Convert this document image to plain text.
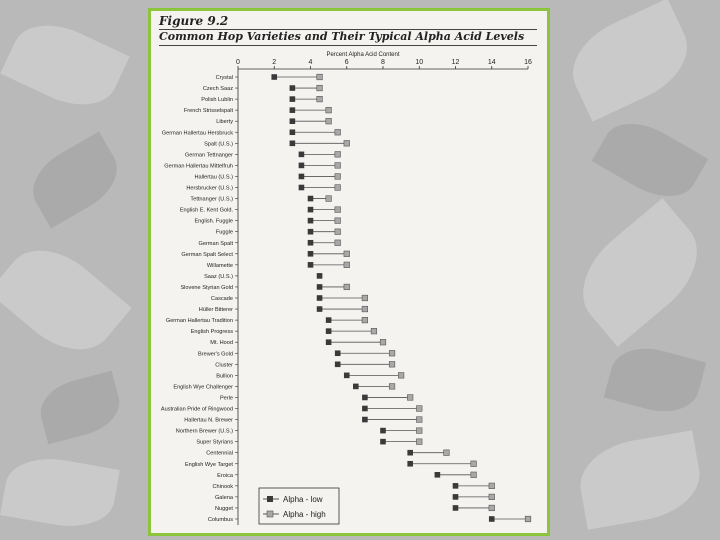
Figure 9.2
Common Hop Varieties and Their Typical Alpha Acid Levels
Percent Alpha Acid Content
0	2	4	6	8	10	12	14	16
Crystal
Czech Saaz
Polish Lublin
French Strisselspalt
Liberty
German Hallertau Hersbruck
Spalt (U.S.)
German Tettnanger
German Hallertau Mittelfruh
Hallertau (U.S.)
Hersbrucker (U.S.)
Tettnanger (U.S.)
English E. Kent Gold.
English. Fuggle
Fuggle
German Spalt
German Spalt Select
Willamette
Saaz (U.S.)
Slovene Styrian Gold
Cascade
Hüller Bitterer
German Hallertau Tradition
English Progress
Mt. Hood
Brewer's Gold
Cluster
Bullion
English Wye Challenger
Perle
Australian Pride of Ringwood
Hallertau N. Brewer
Northern Brewer (U.S.)
Super Styrians
Centennial
English Wye Target
Eroica
Chinook
Galena
Nugget
Columbus
Alpha - low
Alpha - high
